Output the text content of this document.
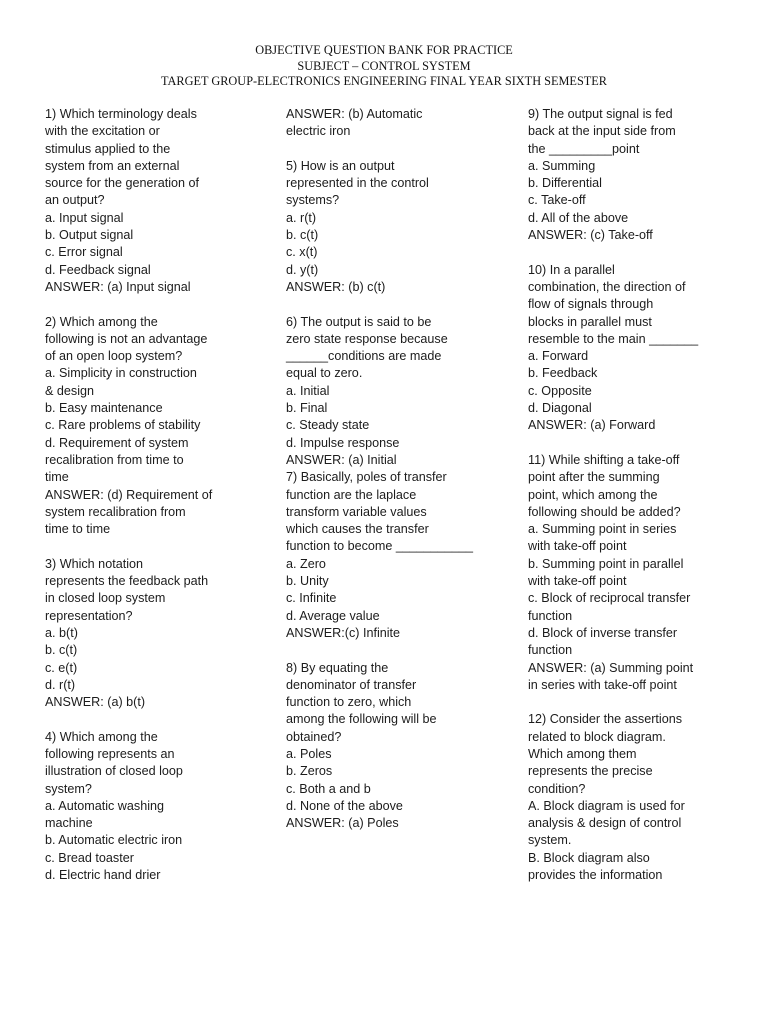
OBJECTIVE QUESTION BANK FOR PRACTICE
SUBJECT – CONTROL SYSTEM
TARGET GROUP-ELECTRONICS ENGINEERING FINAL YEAR SIXTH SEMESTER
1) Which terminology deals
with the excitation or
stimulus applied to the
system from an external
source for the generation of
an output?
a. Input signal
b. Output signal
c. Error signal
d. Feedback signal
ANSWER: (a) Input signal
2) Which among the
following is not an advantage
of an open loop system?
a. Simplicity in construction
& design
b. Easy maintenance
c. Rare problems of stability
d. Requirement of system
recalibration from time to
time
ANSWER: (d) Requirement of
system recalibration from
time to time
3) Which notation
represents the feedback path
in closed loop system
representation?
a. b(t)
b. c(t)
c. e(t)
d. r(t)
ANSWER: (a) b(t)
4) Which among the
following represents an
illustration of closed loop
system?
a. Automatic washing
machine
b. Automatic electric iron
c. Bread toaster
d. Electric hand drier
ANSWER: (b) Automatic
electric iron
5) How is an output
represented in the control
systems?
a. r(t)
b. c(t)
c. x(t)
d. y(t)
ANSWER: (b) c(t)
6) The output is said to be
zero state response because
______conditions are made
equal to zero.
a. Initial
b. Final
c. Steady state
d. Impulse response
ANSWER: (a) Initial
7) Basically, poles of transfer
function are the laplace
transform variable values
which causes the transfer
function to become ___________
a. Zero
b. Unity
c. Infinite
d. Average value
ANSWER:(c) Infinite
8) By equating the
denominator of transfer
function to zero, which
among the following will be
obtained?
a. Poles
b. Zeros
c. Both a and b
d. None of the above
ANSWER: (a) Poles
9) The output signal is fed
back at the input side from
the _________point
a. Summing
b. Differential
c. Take-off
d. All of the above
ANSWER: (c) Take-off
10) In a parallel
combination, the direction of
flow of signals through
blocks in parallel must
resemble to the main _______
a. Forward
b. Feedback
c. Opposite
d. Diagonal
ANSWER: (a) Forward
11) While shifting a take-off
point after the summing
point, which among the
following should be added?
a. Summing point in series
with take-off point
b. Summing point in parallel
with take-off point
c. Block of reciprocal transfer
function
d. Block of inverse transfer
function
ANSWER: (a) Summing point
in series with take-off point
12) Consider the assertions
related to block diagram.
Which among them
represents the precise
condition?
A. Block diagram is used for
analysis & design of control
system.
B. Block diagram also
provides the information
